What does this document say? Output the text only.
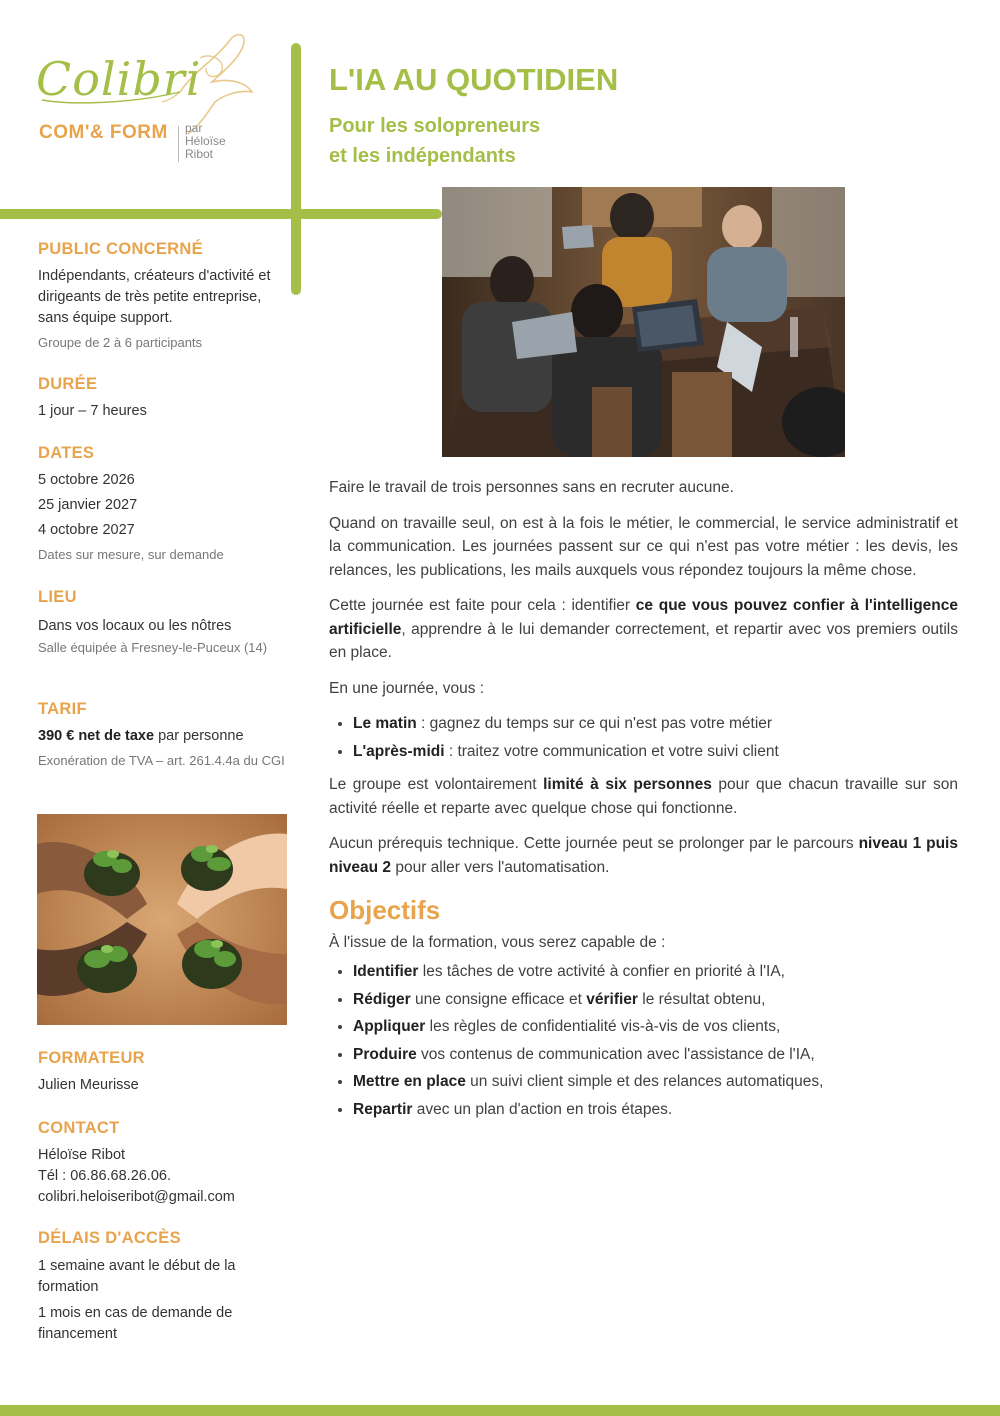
Colibri
COM'& FORM par
Héloïse
Ribot
L'IA AU QUOTIDIEN
Pour les solopreneurs
et les indépendants
PUBLIC CONCERNÉ

Indépendants, créateurs d'activité et dirigeants de très petite entreprise, sans équipe support.

Groupe de 2 à 6 participants

DURÉE

1 jour – 7 heures

DATES

5 octobre 2026

25 janvier 2027

4 octobre 2027

Dates sur mesure, sur demande

LIEU

Dans vos locaux ou les nôtres

Salle équipée à Fresney-le-Puceux (14)

TARIF

390 € net de taxe par personne

Exonération de TVA – art. 261.4.4a du CGI

FORMATEUR

Julien Meurisse

CONTACT

Héloïse Ribot

Tél : 06.86.68.26.06.

colibri.heloiseribot@gmail.com

DÉLAIS D'ACCÈS

1 semaine avant le début de la formation

1 mois en cas de demande de financement

Faire le travail de trois personnes sans en recruter aucune.

Quand on travaille seul, on est à la fois le métier, le commercial, le service administratif et la communication. Les journées passent sur ce qui n'est pas votre métier : les devis, les relances, les publications, les mails auxquels vous répondez toujours la même chose.

Cette journée est faite pour cela : identifier ce que vous pouvez confier à l'intelligence artificielle, apprendre à le lui demander correctement, et repartir avec vos premiers outils en place.

En une journée, vous :

• Le matin : gagnez du temps sur ce qui n'est pas votre métier
• L'après-midi : traitez votre communication et votre suivi client

Le groupe est volontairement limité à six personnes pour que chacun travaille sur son activité réelle et reparte avec quelque chose qui fonctionne.

Aucun prérequis technique. Cette journée peut se prolonger par le parcours niveau 1 puis niveau 2 pour aller vers l'automatisation.

Objectifs

À l'issue de la formation, vous serez capable de :

• Identifier les tâches de votre activité à confier en priorité à l'IA,
• Rédiger une consigne efficace et vérifier le résultat obtenu,
• Appliquer les règles de confidentialité vis-à-vis de vos clients,
• Produire vos contenus de communication avec l'assistance de l'IA,
• Mettre en place un suivi client simple et des relances automatiques,
• Repartir avec un plan d'action en trois étapes.
